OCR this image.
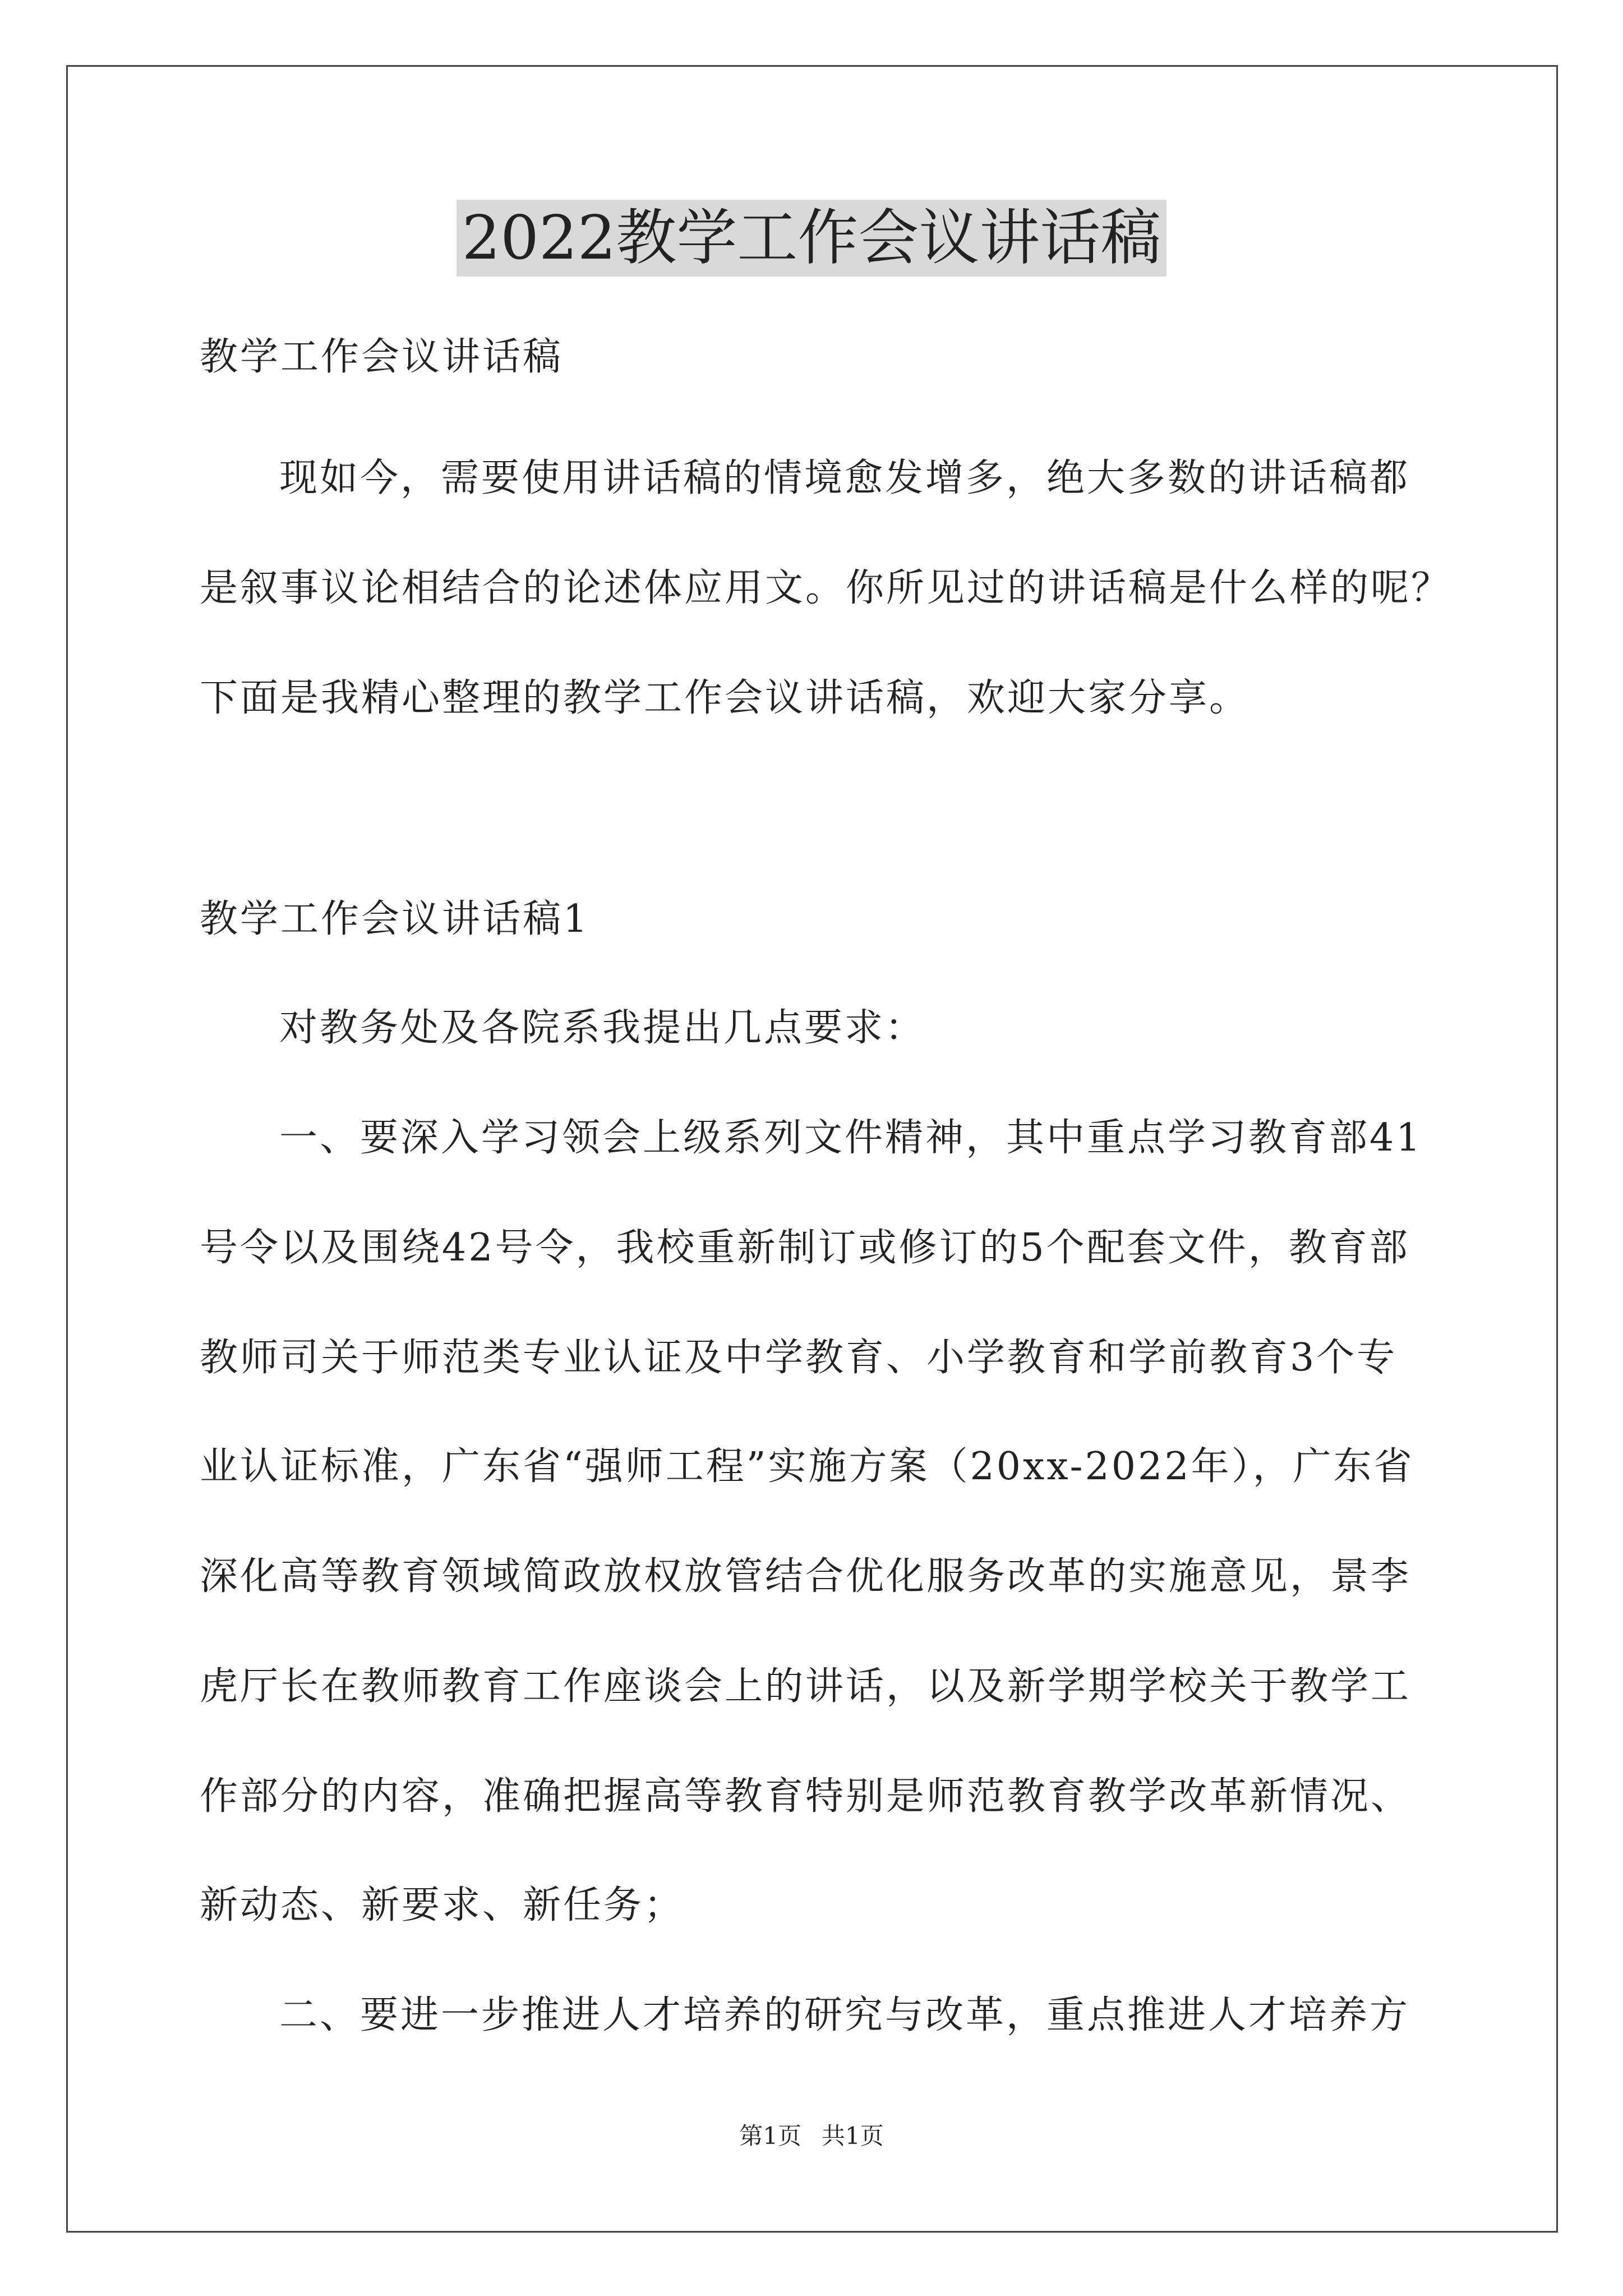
2022教学工作会议讲话稿
教学工作会议讲话稿
现如今，需要使用讲话稿的情境愈发增多，绝大多数的讲话稿都
是叙事议论相结合的论述体应用文。你所见过的讲话稿是什么样的呢？
下面是我精心整理的教学工作会议讲话稿，欢迎大家分享。
教学工作会议讲话稿1
对教务处及各院系我提出几点要求：
一、要深入学习领会上级系列文件精神，其中重点学习教育部41
号令以及围绕42号令，我校重新制订或修订的5个配套文件，教育部
教师司关于师范类专业认证及中学教育、小学教育和学前教育3个专
业认证标准，广东省“强师工程”实施方案（20xx-2022年），广东省
深化高等教育领域简政放权放管结合优化服务改革的实施意见，景李
虎厅长在教师教育工作座谈会上的讲话，以及新学期学校关于教学工
作部分的内容，准确把握高等教育特别是师范教育教学改革新情况、
新动态、新要求、新任务；
二、要进一步推进人才培养的研究与改革，重点推进人才培养方
第1页 共1页
